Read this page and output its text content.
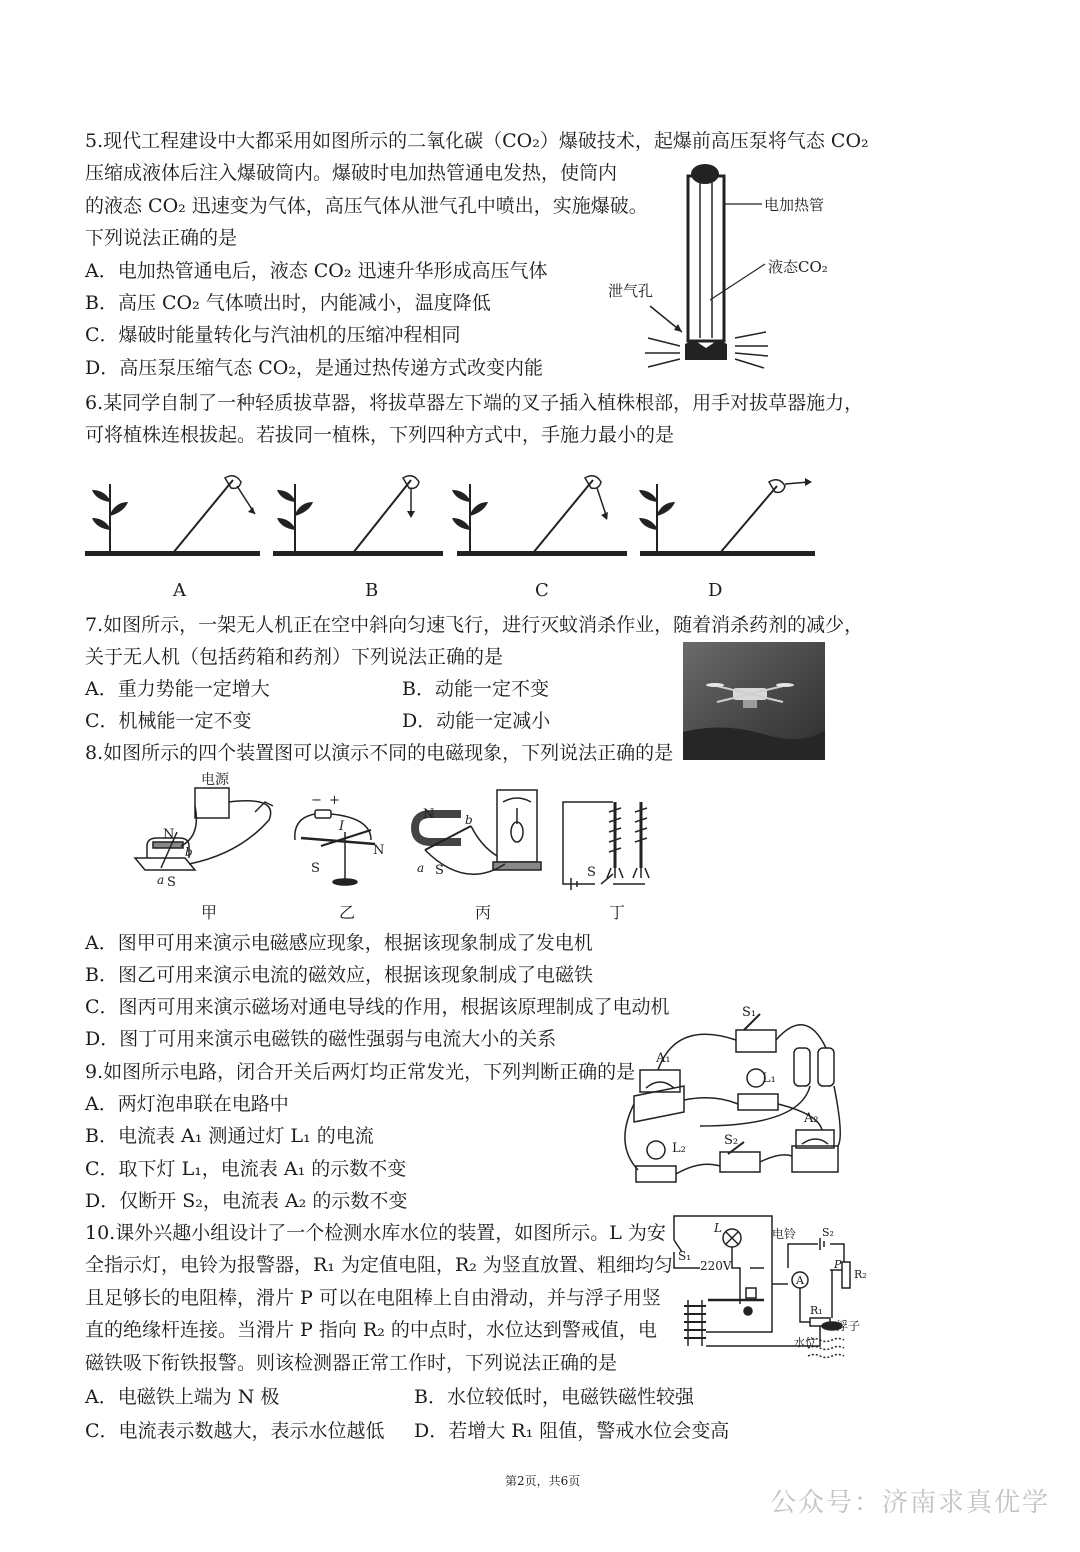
5.现代工程建设中大都采用如图所示的二氧化碳（CO₂）爆破技术，起爆前高压泵将气态 CO₂
压缩成液体后注入爆破筒内。爆破时电加热管通电发热，使筒内
的液态 CO₂ 迅速变为气体，高压气体从泄气孔中喷出，实施爆破。
下列说法正确的是
A．电加热管通电后，液态 CO₂ 迅速升华形成高压气体
B．高压 CO₂ 气体喷出时，内能减小，温度降低
C．爆破时能量转化与汽油机的压缩冲程相同
D．高压泵压缩气态 CO₂，是通过热传递方式改变内能
电加热管
液态CO₂
泄气孔
6.某同学自制了一种轻质拔草器，将拔草器左下端的叉子插入植株根部，用手对拔草器施力，
可将植株连根拔起。若拔同一植株，下列四种方式中，手施力最小的是
A	B	C	D
7.如图所示，一架无人机正在空中斜向匀速飞行，进行灭蚊消杀作业，随着消杀药剂的减少，
关于无人机（包括药箱和药剂）下列说法正确的是
A．重力势能一定增大	B．动能一定不变
C．机械能一定不变	D．动能一定减小
8.如图所示的四个装置图可以演示不同的电磁现象，下列说法正确的是
电源
N
b
a S
甲
− +
I
S
N
乙
N	b
a S
丙
S
丁
A．图甲可用来演示电磁感应现象，根据该现象制成了发电机
B．图乙可用来演示电流的磁效应，根据该现象制成了电磁铁
C．图丙可用来演示磁场对通电导线的作用，根据该原理制成了电动机
D．图丁可用来演示电磁铁的磁性强弱与电流大小的关系
9.如图所示电路，闭合开关后两灯均正常发光，下列判断正确的是
A．两灯泡串联在电路中
B．电流表 A₁ 测通过灯 L₁ 的电流
C．取下灯 L₁，电流表 A₁ 的示数不变
D．仅断开 S₂，电流表 A₂ 的示数不变
S₁
A₁
L₁
A₂
L₂
S₂
10.课外兴趣小组设计了一个检测水库水位的装置，如图所示。L 为安
全指示灯，电铃为报警器，R₁ 为定值电阻，R₂ 为竖直放置、粗细均匀
且足够长的电阻棒，滑片 P 可以在电阻棒上自由滑动，并与浮子用竖
直的绝缘杆连接。当滑片 P 指向 R₂ 的中点时，水位达到警戒值，电
磁铁吸下衔铁报警。则该检测器正常工作时，下列说法正确的是
A．电磁铁上端为 N 极	B．水位较低时，电磁铁磁性较强
C．电流表示数越大，表示水位越低 D．若增大 R₁ 阻值，警戒水位会变高
S₁
L
220V
电铃 S₂
A
P
R₂
R₁
浮子
水位
第2页，共6页
公众号：济南求真优学
